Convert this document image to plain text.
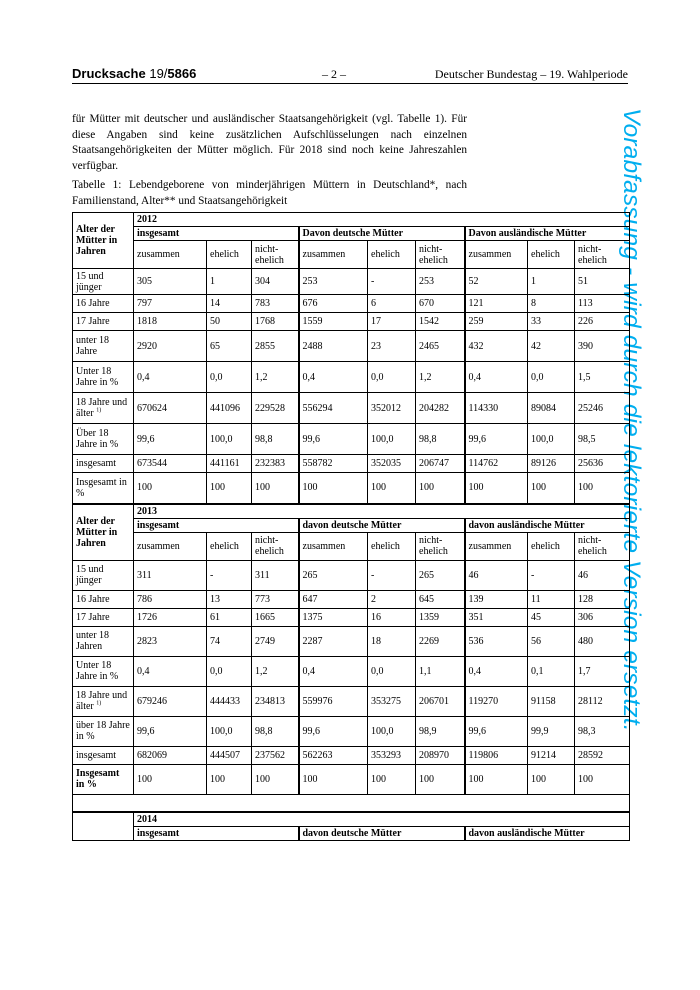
Drucksache 19/5866	– 2 –	Deutscher Bundestag – 19. Wahlperiode
für Mütter mit deutscher und ausländischer Staatsangehörigkeit (vgl. Tabelle 1). Für diese Angaben sind keine zusätzlichen Aufschlüsselungen nach einzelnen Staatsangehörigkeiten der Mütter möglich. Für 2018 sind noch keine Jahreszahlen verfügbar.
Tabelle 1: Lebendgeborene von minderjährigen Müttern in Deutschland*, nach Familienstand, Alter** und Staatsangehörigkeit	Vorabfassung - wird durch die lektorierte Version ersetzt.
Alter der Mütter in Jahren	2012								
	insgesamt			Davon deutsche Mütter			Davon ausländische Mütter		
	zusammen	ehelich	nicht-ehelich	zusammen	ehelich	nicht-ehelich	zusammen	ehelich	nicht-ehelich
15 und jünger	305	1	304	253	-	253	52	1	51
16 Jahre	797	14	783	676	6	670	121	8	113
17 Jahre	1818	50	1768	1559	17	1542	259	33	226
unter 18 Jahre	2920	65	2855	2488	23	2465	432	42	390
Unter 18 Jahre in %	0,4	0,0	1,2	0,4	0,0	1,2	0,4	0,0	1,5
18 Jahre und älter $^{1)}$	670624	441096	229528	556294	352012	204282	114330	89084	25246
Über 18 Jahre in %	99,6	100,0	98,8	99,6	100,0	98,8	99,6	100,0	98,5
insgesamt	673544	441161	232383	558782	352035	206747	114762	89126	25636
Insgesamt in %	100	100	100	100	100	100	100	100	100
Alter der Mütter in Jahren	2013								
	insgesamt			davon deutsche Mütter			davon ausländische Mütter		
	zusammen	ehelich	nicht-ehelich	zusammen	ehelich	nicht-ehelich	zusammen	ehelich	nicht-ehelich
15 und jünger	311	-	311	265	-	265	46	-	46
16 Jahre	786	13	773	647	2	645	139	11	128
17 Jahre	1726	61	1665	1375	16	1359	351	45	306
unter 18 Jahren	2823	74	2749	2287	18	2269	536	56	480
Unter 18 Jahre in %	0,4	0,0	1,2	0,4	0,0	1,1	0,4	0,1	1,7
18 Jahre und älter $^{1)}$	679246	444433	234813	559976	353275	206701	119270	91158	28112
über 18 Jahre in %	99,6	100,0	98,8	99,6	100,0	98,9	99,6	99,9	98,3
insgesamt	682069	444507	237562	562263	353293	208970	119806	91214	28592
Insgesamt in %	100	100	100	100	100	100	100	100	100

	2014								
	insgesamt			davon deutsche Mütter			davon ausländische Mütter		
